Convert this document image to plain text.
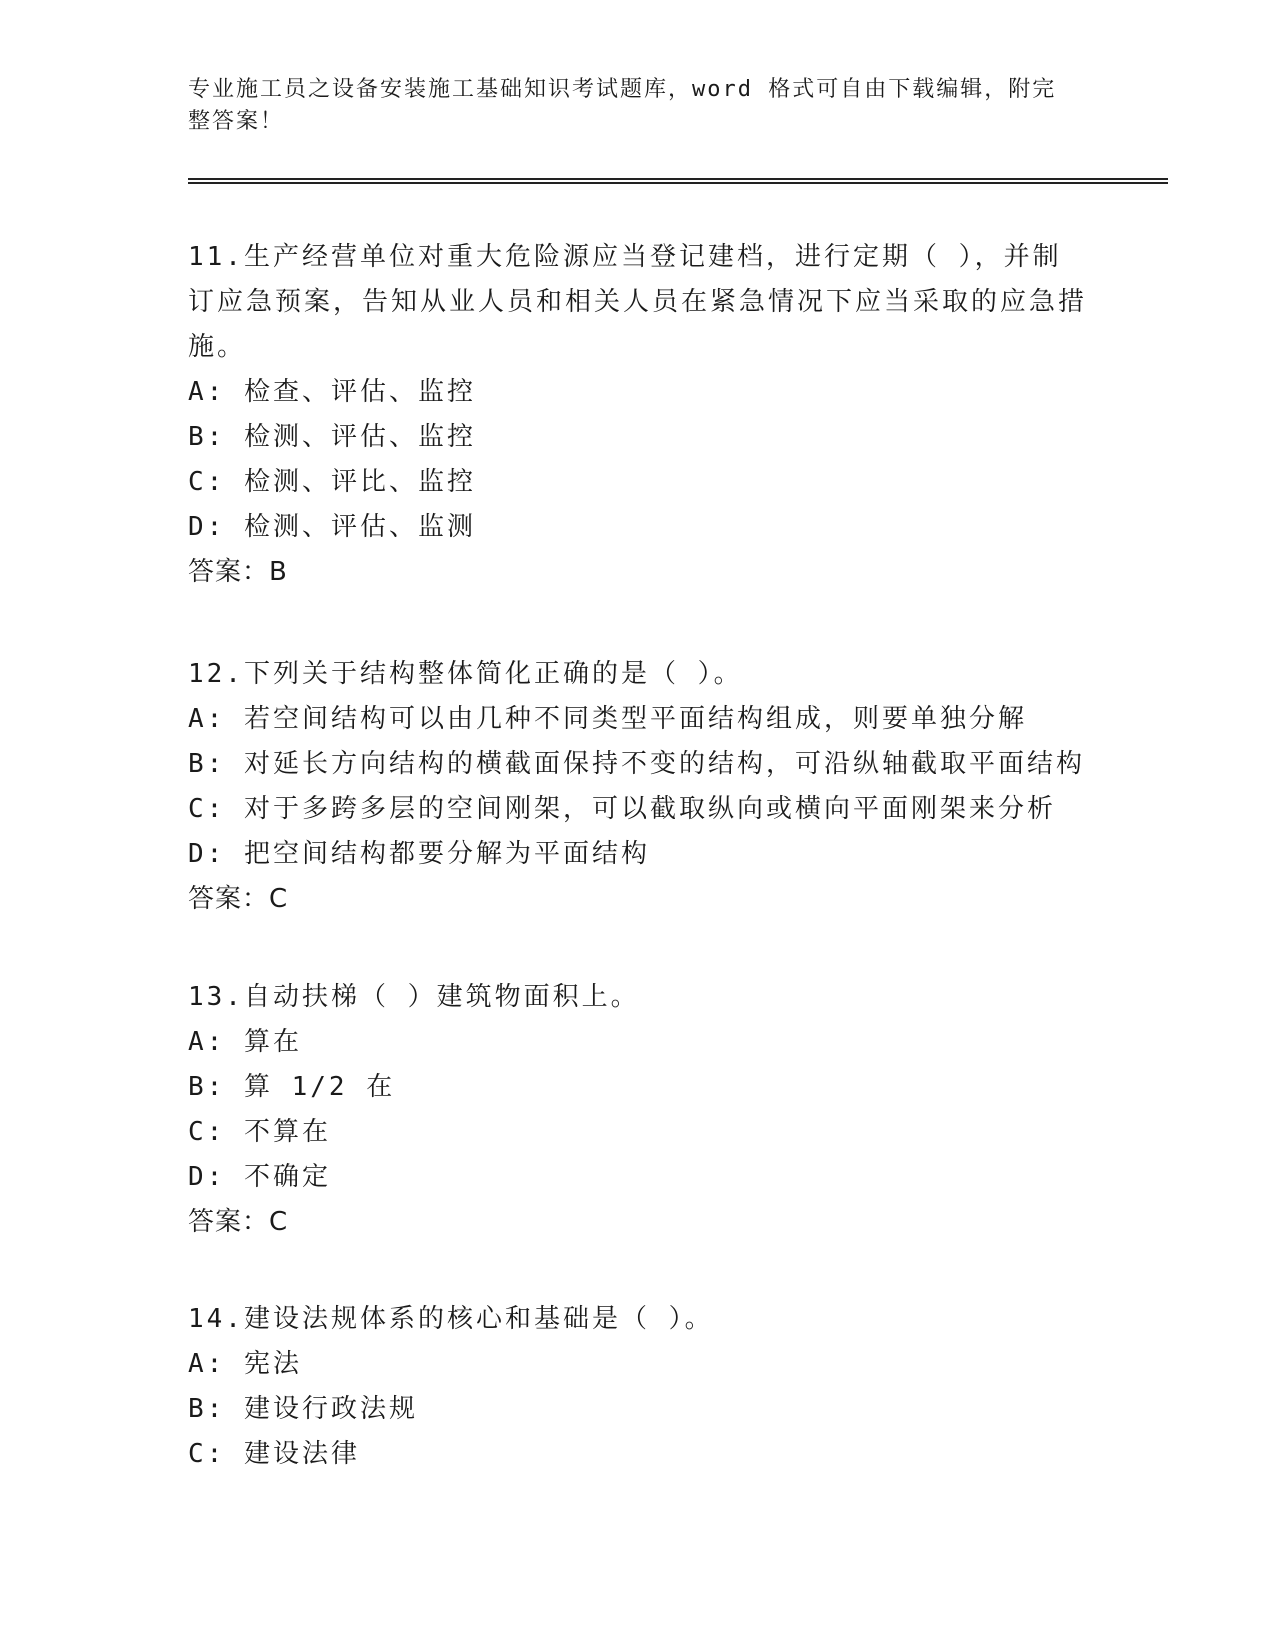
专业施工员之设备安装施工基础知识考试题库，word 格式可自由下载编辑，附完整答案！
11.生产经营单位对重大危险源应当登记建档，进行定期（ ），并制订应急预案，告知从业人员和相关人员在紧急情况下应当采取的应急措施。
A: 检查、评估、监控
B: 检测、评估、监控
C: 检测、评比、监控
D: 检测、评估、监测
答案：B
12.下列关于结构整体简化正确的是（ ）。
A: 若空间结构可以由几种不同类型平面结构组成，则要单独分解
B: 对延长方向结构的横截面保持不变的结构，可沿纵轴截取平面结构
C: 对于多跨多层的空间刚架，可以截取纵向或横向平面刚架来分析
D: 把空间结构都要分解为平面结构
答案：C
13.自动扶梯（ ）建筑物面积上。
A: 算在
B: 算 1/2 在
C: 不算在
D: 不确定
答案：C
14.建设法规体系的核心和基础是（ ）。
A: 宪法
B: 建设行政法规
C: 建设法律
